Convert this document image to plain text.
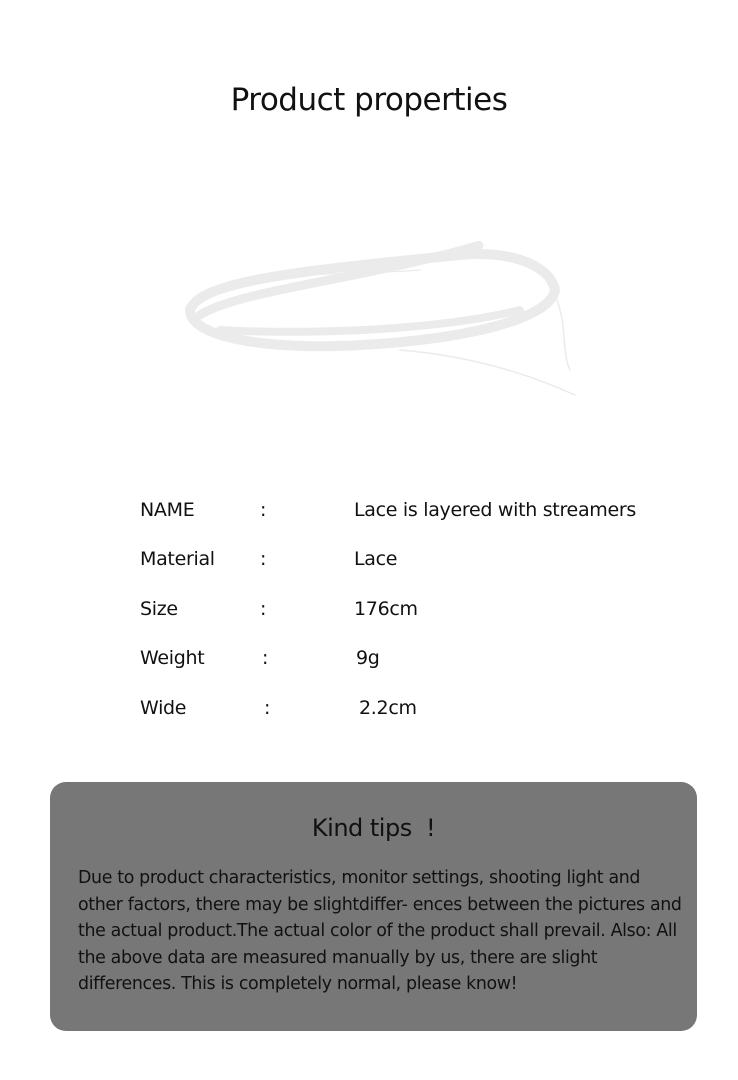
Product properties
NAME	:	Lace is layered with streamers
Material :	Lace
Size	:	176cm
Weight	:	9g
Wide	:	2.2cm
Kind tips  !
Due to product characteristics, monitor settings, shooting light and other factors, there may be slightdiffer- ences between the pictures and the actual product.The actual color of the product shall prevail. Also: All the above data are measured manually by us, there are slight differences. This is completely normal, please know!
